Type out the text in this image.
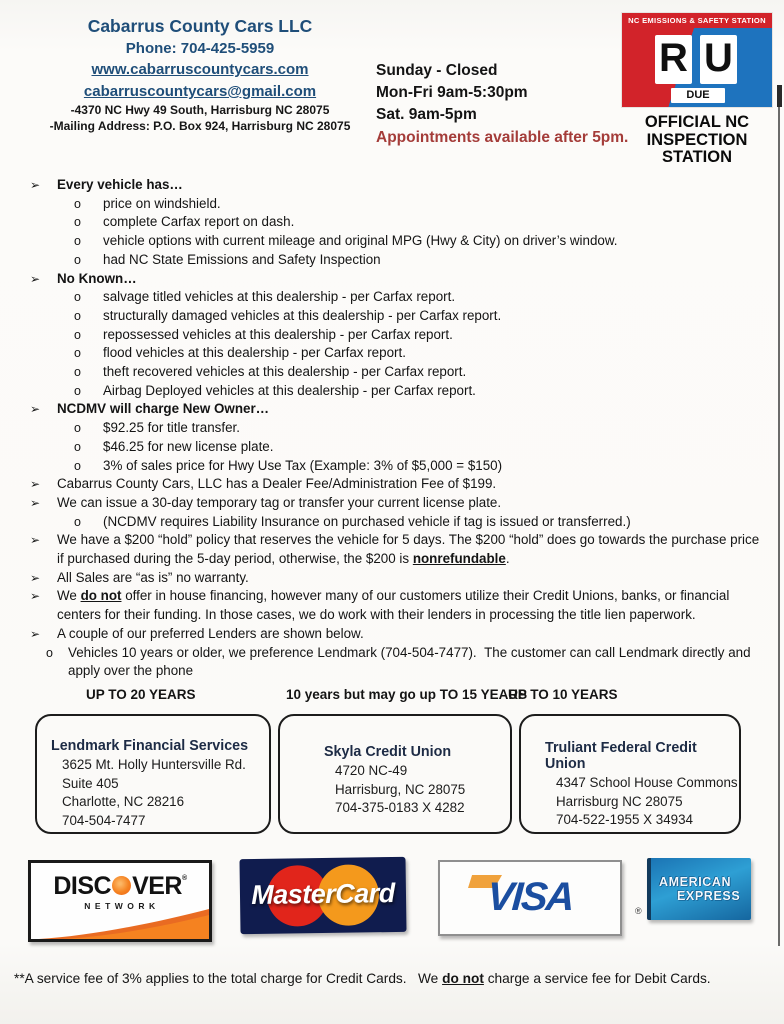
Cabarrus County Cars LLC
Phone: 704-425-5959
www.cabarruscountycars.com
cabarruscountycars@gmail.com
-4370 NC Hwy 49 South, Harrisburg NC 28075
-Mailing Address: P.O. Box 924, Harrisburg NC 28075
Sunday - Closed
Mon-Fri 9am-5:30pm
Sat. 9am-5pm
Appointments available after 5pm.
NC EMISSIONS & SAFETY STATION
R U
DUE
OFFICIAL NC
INSPECTION
STATION
➢	Every vehicle has…
o	price on windshield.
o	complete Carfax report on dash.
o	vehicle options with current mileage and original MPG (Hwy & City) on driver’s window.
o	had NC State Emissions and Safety Inspection
➢	No Known…
o	salvage titled vehicles at this dealership - per Carfax report.
o	structurally damaged vehicles at this dealership - per Carfax report.
o	repossessed vehicles at this dealership - per Carfax report.
o	flood vehicles at this dealership - per Carfax report.
o	theft recovered vehicles at this dealership - per Carfax report.
o	Airbag Deployed vehicles at this dealership - per Carfax report.
➢	NCDMV will charge New Owner…
o	$92.25 for title transfer.
o	$46.25 for new license plate.
o	3% of sales price for Hwy Use Tax (Example: 3% of $5,000 = $150)
➢	Cabarrus County Cars, LLC has a Dealer Fee/Administration Fee of $199.
➢	We can issue a 30-day temporary tag or transfer your current license plate.
o	(NCDMV requires Liability Insurance on purchased vehicle if tag is issued or transferred.)
➢	We have a $200 “hold” policy that reserves the vehicle for 5 days. The $200 “hold” does go towards the purchase price if purchased during the 5-day period, otherwise, the $200 is nonrefundable.
➢	All Sales are “as is” no warranty.
➢	We do not offer in house financing, however many of our customers utilize their Credit Unions, banks, or financial centers for their funding. In those cases, we do work with their lenders in processing the title lien paperwork.
➢	A couple of our preferred Lenders are shown below.
o	Vehicles 10 years or older, we preference Lendmark (704-504-7477).  The customer can call Lendmark directly and apply over the phone
UP TO 20 YEARS	10 years but may go up TO 15 YEARS
UP TO 10 YEARS
Lendmark Financial Services
3625 Mt. Holly Huntersville Rd.
Suite 405
Charlotte, NC 28216
704-504-7477
Skyla Credit Union
4720 NC-49
Harrisburg, NC 28075
704-375-0183 X 4282
Truliant Federal Credit Union
4347 School House Commons
Harrisburg NC 28075
704-522-1955 X 34934
DISC VER®
NETWORK	MasterCard	VISA	AMERICAN
EXPRESS
®
**A service fee of 3% applies to the total charge for Credit Cards.   We do not charge a service fee for Debit Cards.
